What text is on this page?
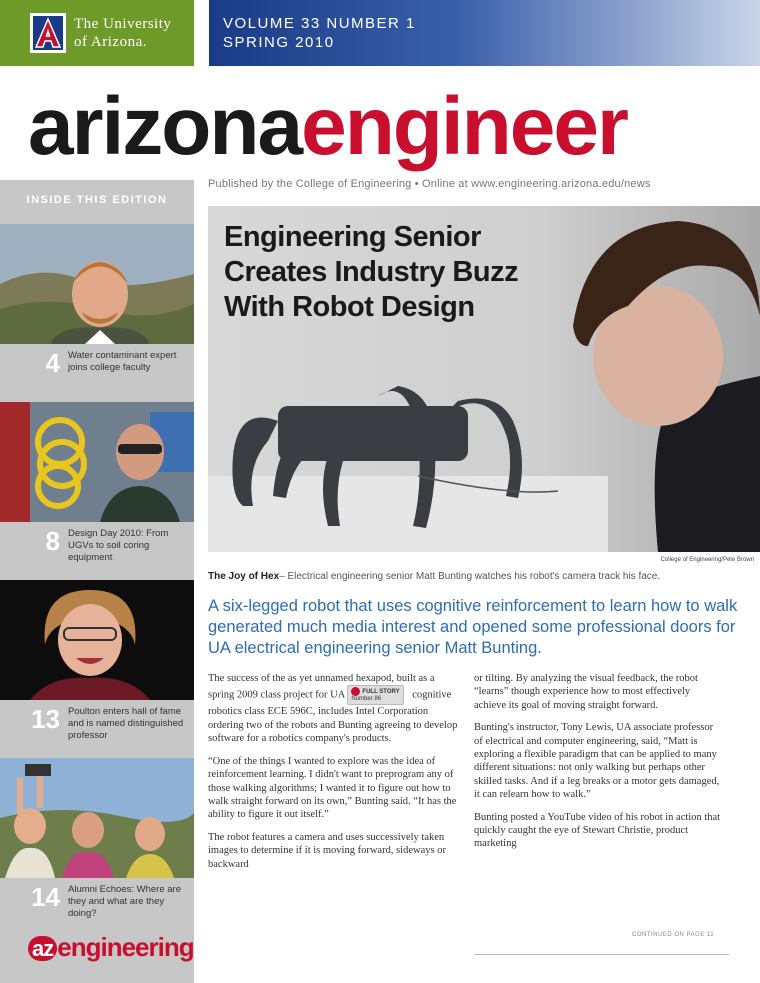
The University
of Arizona.
VOLUME 33 NUMBER 1
SPRING 2010
arizonaengineer
Published by the College of Engineering • Online at www.engineering.arizona.edu/news
INSIDE THIS EDITION
4 Water contaminant expert joins college faculty
8 Design Day 2010: From UGVs to soil coring equipment
13 Poulton enters hall of fame and is named distinguished professor
14 Alumni Echoes: Where are they and what are they doing?
az engineering
Engineering Senior
Creates Industry Buzz
With Robot Design
College of Engineering/Pete Brown
The Joy of Hex– Electrical engineering senior Matt Bunting watches his robot's camera track his face.
A six-legged robot that uses cognitive reinforcement to learn how to walk generated much media interest and opened some professional doors for UA electrical engineering senior Matt Bunting.

The success of the as yet unnamed hexapod, built as a spring 2009 class project for UA	FULL STORY
Number 86	cognitive robotics class ECE 596C, includes Intel Corporation ordering two of the robots and Bunting agreeing to develop software for a robotics company's products.

“One of the things I wanted to explore was the idea of reinforcement learning. I didn't want to preprogram any of those walking algorithms; I wanted it to figure out how to walk straight forward on its own,” Bunting said. “It has the ability to figure it out itself.”

The robot features a camera and uses successively taken images to determine if it is moving forward, sideways or backward

or tilting. By analyzing the visual feedback, the robot “learns” though experience how to most effectively achieve its goal of moving straight forward.

Bunting's instructor, Tony Lewis, UA associate professor of electrical and computer engineering, said, “Matt is exploring a flexible paradigm that can be applied to many different situations: not only walking but perhaps other skilled tasks. And if a leg breaks or a motor gets damaged, it can relearn how to walk.”

Bunting posted a YouTube video of his robot in action that quickly caught the eye of Stewart Christie, product marketing

CONTINUED ON PAGE 11
